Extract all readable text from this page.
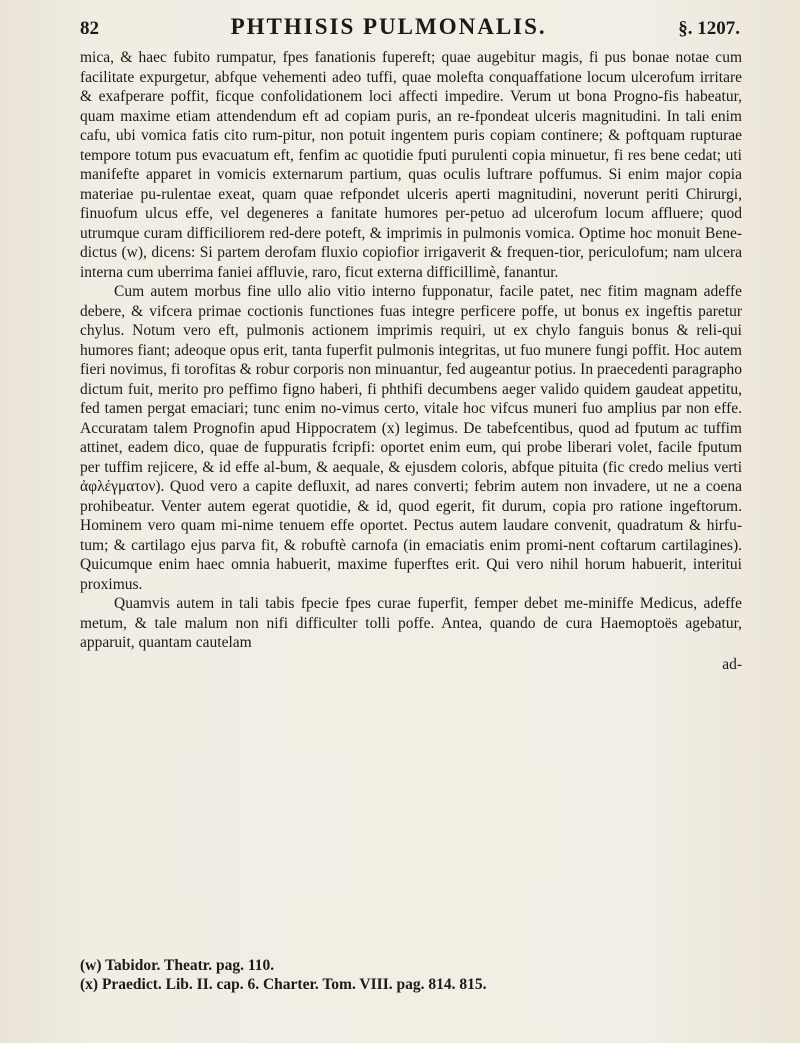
82	PHTHISIS PULMONALIS.	§. 1207.

mica, & haec fubito rumpatur, fpes fanationis fupereft; quae augebitur magis, fi pus bonae notae cum facilitate expurgetur, abfque vehementi adeo tuffi, quae molefta conquaffatione locum ulcerofum irritare & exafperare poffit, ficque confolidationem loci affecti impedire. Verum ut bona Progno-fis habeatur, quam maxime etiam attendendum eft ad copiam puris, an re-fpondeat ulceris magnitudini. In tali enim cafu, ubi vomica fatis cito rum-pitur, non potuit ingentem puris copiam continere; & poftquam rupturae tempore totum pus evacuatum eft, fenfim ac quotidie fputi purulenti copia minuetur, fi res bene cedat; uti manifefte apparet in vomicis externarum partium, quas oculis luftrare poffumus. Si enim major copia materiae pu-rulentae exeat, quam quae refpondet ulceris aperti magnitudini, noverunt periti Chirurgi, finuofum ulcus effe, vel degeneres a fanitate humores per-petuo ad ulcerofum locum affluere; quod utrumque curam difficiliorem red-dere poteft, & imprimis in pulmonis vomica. Optime hoc monuit Bene-dictus (w), dicens: Si partem derofam fluxio copiofior irrigaverit & frequen-tior, periculofum; nam ulcera interna cum uberrima faniei affluvie, raro, ficut externa difficillimè, fanantur.

Cum autem morbus fine ullo alio vitio interno fupponatur, facile patet, nec fitim magnam adeffe debere, & vifcera primae coctionis functiones fuas integre perficere poffe, ut bonus ex ingeftis paretur chylus. Notum vero eft, pulmonis actionem imprimis requiri, ut ex chylo fanguis bonus & reli-qui humores fiant; adeoque opus erit, tanta fuperfit pulmonis integritas, ut fuo munere fungi poffit. Hoc autem fieri novimus, fi torofitas & robur corporis non minuantur, fed augeantur potius. In praecedenti paragrapho dictum fuit, merito pro peffimo figno haberi, fi phthifi decumbens aeger valido quidem gaudeat appetitu, fed tamen pergat emaciari; tunc enim no-vimus certo, vitale hoc vifcus muneri fuo amplius par non effe. Accuratam talem Prognofin apud Hippocratem (x) legimus. De tabefcentibus, quod ad fputum ac tuffim attinet, eadem dico, quae de fuppuratis fcripfi: oportet enim eum, qui probe liberari volet, facile fputum per tuffim rejicere, & id effe al-bum, & aequale, & ejusdem coloris, abfque pituita (fic credo melius verti ἀφλέγματον). Quod vero a capite defluxit, ad nares converti; febrim autem non invadere, ut ne a coena prohibeatur. Venter autem egerat quotidie, & id, quod egerit, fit durum, copia pro ratione ingeftorum. Hominem vero quam mi-nime tenuem effe oportet. Pectus autem laudare convenit, quadratum & hirfu-tum; & cartilago ejus parva fit, & robuftè carnofa (in emaciatis enim promi-nent coftarum cartilagines). Quicumque enim haec omnia habuerit, maxime fuperftes erit. Qui vero nihil horum habuerit, interitui proximus.

Quamvis autem in tali tabis fpecie fpes curae fuperfit, femper debet me-miniffe Medicus, adeffe metum, & tale malum non nifi difficulter tolli poffe. Antea, quando de cura Haemoptoës agebatur, apparuit, quantam cautelam

ad-

(w) Tabidor. Theatr. pag. 110.

(x) Praedict. Lib. II. cap. 6. Charter. Tom. VIII. pag. 814. 815.
